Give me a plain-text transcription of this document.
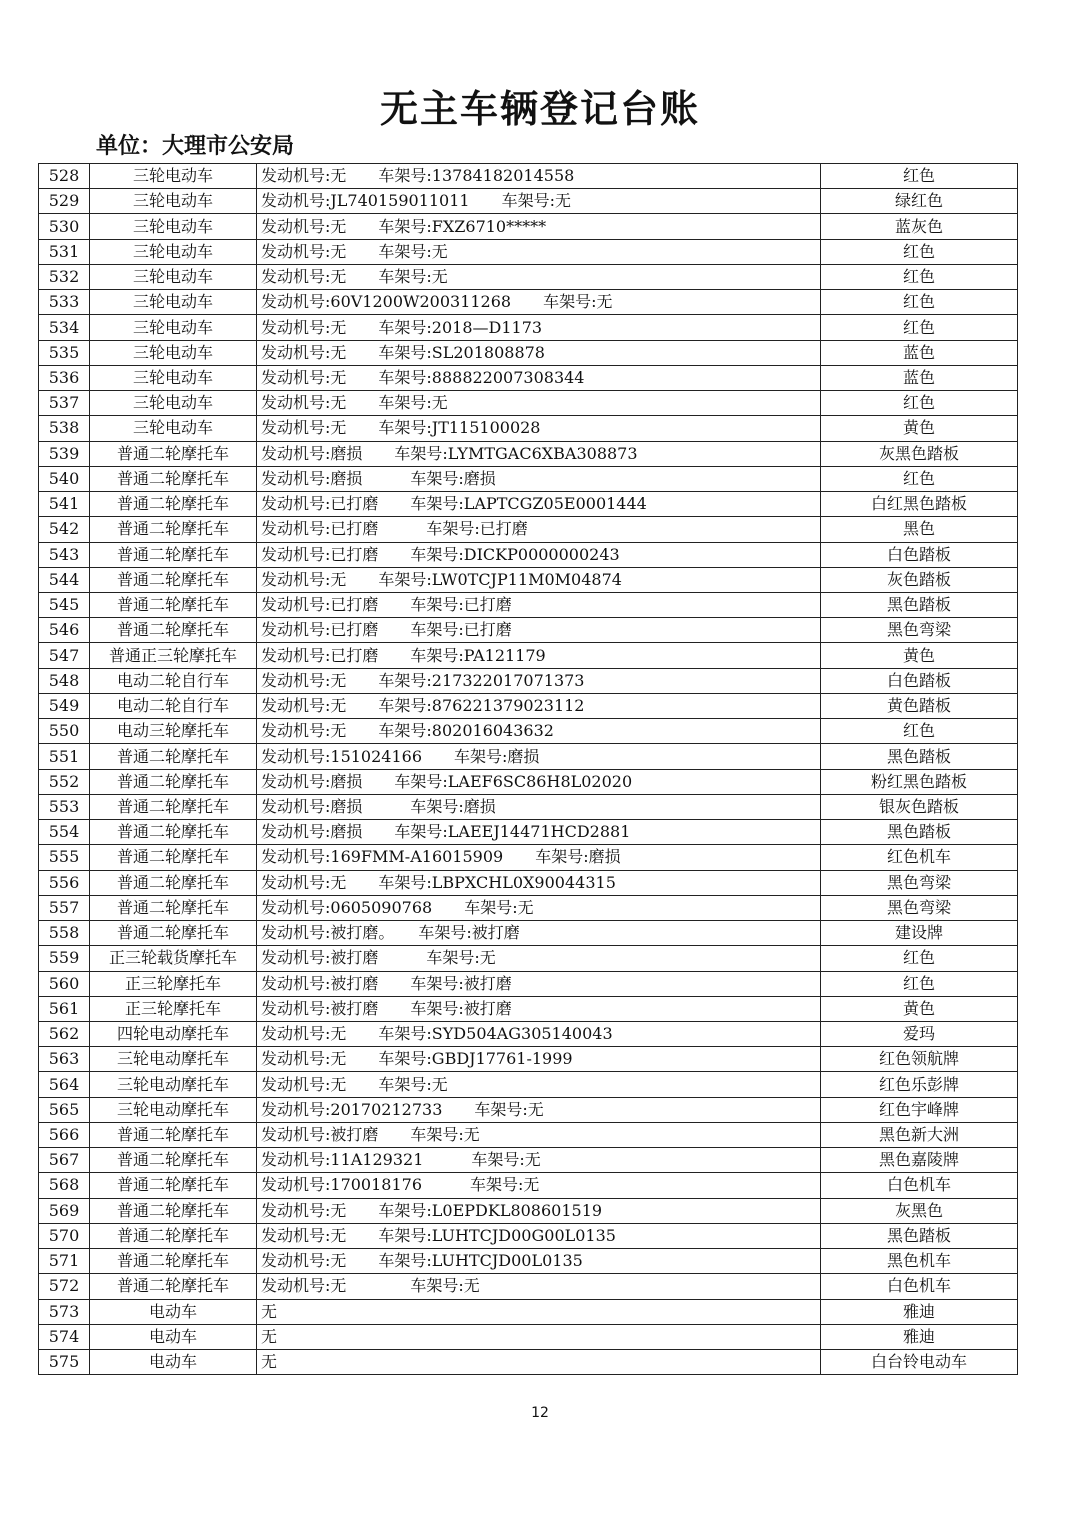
无主车辆登记台账
单位：大理市公安局
528	三轮电动车	发动机号:无　　车架号:13784182014558	红色
529	三轮电动车	发动机号:JL740159011011　　车架号:无	绿红色
530	三轮电动车	发动机号:无　　车架号:FXZ6710*****	蓝灰色
531	三轮电动车	发动机号:无　　车架号:无	红色
532	三轮电动车	发动机号:无　　车架号:无	红色
533	三轮电动车	发动机号:60V1200W200311268　　车架号:无	红色
534	三轮电动车	发动机号:无　　车架号:2018—D1173	红色
535	三轮电动车	发动机号:无　　车架号:SL201808878	蓝色
536	三轮电动车	发动机号:无　　车架号:888822007308344	蓝色
537	三轮电动车	发动机号:无　　车架号:无	红色
538	三轮电动车	发动机号:无　　车架号:JT115100028	黄色
539	普通二轮摩托车	发动机号:磨损　　车架号:LYMTGAC6XBA308873	灰黑色踏板
540	普通二轮摩托车	发动机号:磨损　　　车架号:磨损	红色
541	普通二轮摩托车	发动机号:已打磨　　车架号:LAPTCGZ05E0001444	白红黑色踏板
542	普通二轮摩托车	发动机号:已打磨　　　车架号:已打磨	黑色
543	普通二轮摩托车	发动机号:已打磨　　车架号:DICKP0000000243	白色踏板
544	普通二轮摩托车	发动机号:无　　车架号:LW0TCJP11M0M04874	灰色踏板
545	普通二轮摩托车	发动机号:已打磨　　车架号:已打磨	黑色踏板
546	普通二轮摩托车	发动机号:已打磨　　车架号:已打磨	黑色弯梁
547	普通正三轮摩托车	发动机号:已打磨　　车架号:PA121179	黄色
548	电动二轮自行车	发动机号:无　　车架号:217322017071373	白色踏板
549	电动二轮自行车	发动机号:无　　车架号:876221379023112	黄色踏板
550	电动三轮摩托车	发动机号:无　　车架号:802016043632	红色
551	普通二轮摩托车	发动机号:151024166　　车架号:磨损	黑色踏板
552	普通二轮摩托车	发动机号:磨损　　车架号:LAEF6SC86H8L02020	粉红黑色踏板
553	普通二轮摩托车	发动机号:磨损　　　车架号:磨损	银灰色踏板
554	普通二轮摩托车	发动机号:磨损　　车架号:LAEEJ14471HCD2881	黑色踏板
555	普通二轮摩托车	发动机号:169FMM-A16015909　　车架号:磨损	红色机车
556	普通二轮摩托车	发动机号:无　　车架号:LBPXCHL0X90044315	黑色弯梁
557	普通二轮摩托车	发动机号:0605090768　　车架号:无	黑色弯梁
558	普通二轮摩托车	发动机号:被打磨。　　车架号:被打磨	建设牌
559	正三轮载货摩托车	发动机号:被打磨　　　车架号:无	红色
560	正三轮摩托车	发动机号:被打磨　　车架号:被打磨	红色
561	正三轮摩托车	发动机号:被打磨　　车架号:被打磨	黄色
562	四轮电动摩托车	发动机号:无　　车架号:SYD504AG305140043	爱玛
563	三轮电动摩托车	发动机号:无　　车架号:GBDJ17761-1999	红色领航牌
564	三轮电动摩托车	发动机号:无　　车架号:无	红色乐彭牌
565	三轮电动摩托车	发动机号:20170212733　　车架号:无	红色宇峰牌
566	普通二轮摩托车	发动机号:被打磨　　车架号:无	黑色新大洲
567	普通二轮摩托车	发动机号:11A129321　　　车架号:无	黑色嘉陵牌
568	普通二轮摩托车	发动机号:170018176　　　车架号:无	白色机车
569	普通二轮摩托车	发动机号:无　　车架号:L0EPDKL808601519	灰黑色
570	普通二轮摩托车	发动机号:无　　车架号:LUHTCJD00G00L0135	黑色踏板
571	普通二轮摩托车	发动机号:无　　车架号:LUHTCJD00L0135	黑色机车
572	普通二轮摩托车	发动机号:无　　　　车架号:无	白色机车
573	电动车	无	雅迪
574	电动车	无	雅迪
575	电动车	无	白台铃电动车
12
